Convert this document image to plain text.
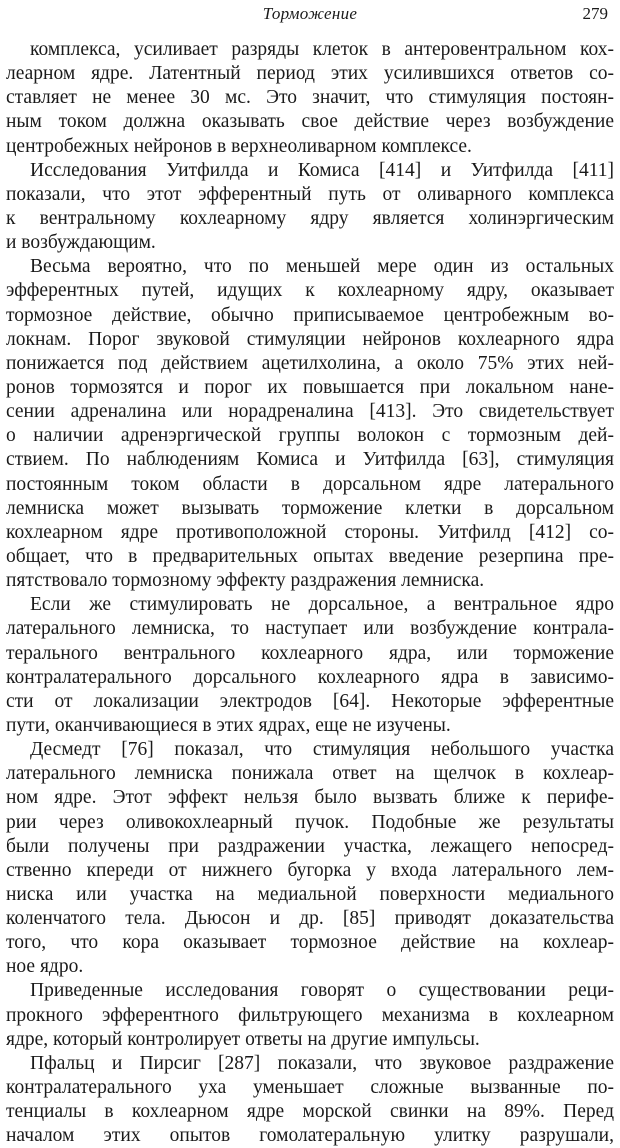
Торможение	279
комплекса, усиливает разряды клеток в антеровентральном кох-
леарном ядре. Латентный период этих усилившихся ответов со-
ставляет не менее 30 мс. Это значит, что стимуляция постоян-
ным током должна оказывать свое действие через возбуждение
центробежных нейронов в верхнеоливарном комплексе.
Исследования Уитфилда и Комиса [414] и Уитфилда [411]
показали, что этот эфферентный путь от оливарного комплекса
к вентральному кохлеарному ядру является холинэргическим
и возбуждающим.
Весьма вероятно, что по меньшей мере один из остальных
эфферентных путей, идущих к кохлеарному ядру, оказывает
тормозное действие, обычно приписываемое центробежным во-
локнам. Порог звуковой стимуляции нейронов кохлеарного ядра
понижается под действием ацетилхолина, а около 75% этих ней-
ронов тормозятся и порог их повышается при локальном нане-
сении адреналина или норадреналина [413]. Это свидетельствует
о наличии адренэргической группы волокон с тормозным дей-
ствием. По наблюдениям Комиса и Уитфилда [63], стимуляция
постоянным током области в дорсальном ядре латерального
лемниска может вызывать торможение клетки в дорсальном
кохлеарном ядре противоположной стороны. Уитфилд [412] со-
общает, что в предварительных опытах введение резерпина пре-
пятствовало тормозному эффекту раздражения лемниска.
Если же стимулировать не дорсальное, а вентральное ядро
латерального лемниска, то наступает или возбуждение контрала-
терального вентрального кохлеарного ядра, или торможение
контралатерального дорсального кохлеарного ядра в зависимо-
сти от локализации электродов [64]. Некоторые эфферентные
пути, оканчивающиеся в этих ядрах, еще не изучены.
Десмедт [76] показал, что стимуляция небольшого участка
латерального лемниска понижала ответ на щелчок в кохлеар-
ном ядре. Этот эффект нельзя было вызвать ближе к перифе-
рии через оливокохлеарный пучок. Подобные же результаты
были получены при раздражении участка, лежащего непосред-
ственно кпереди от нижнего бугорка у входа латерального лем-
ниска или участка на медиальной поверхности медиального
коленчатого тела. Дьюсон и др. [85] приводят доказательства
того, что кора оказывает тормозное действие на кохлеар-
ное ядро.
Приведенные исследования говорят о существовании реци-
прокного эфферентного фильтрующего механизма в кохлеарном
ядре, который контролирует ответы на другие импульсы.
Пфальц и Пирсиг [287] показали, что звуковое раздражение
контралатерального уха уменьшает сложные вызванные по-
тенциалы в кохлеарном ядре морской свинки на 89%. Перед
началом этих опытов гомолатеральную улитку разрушали,
